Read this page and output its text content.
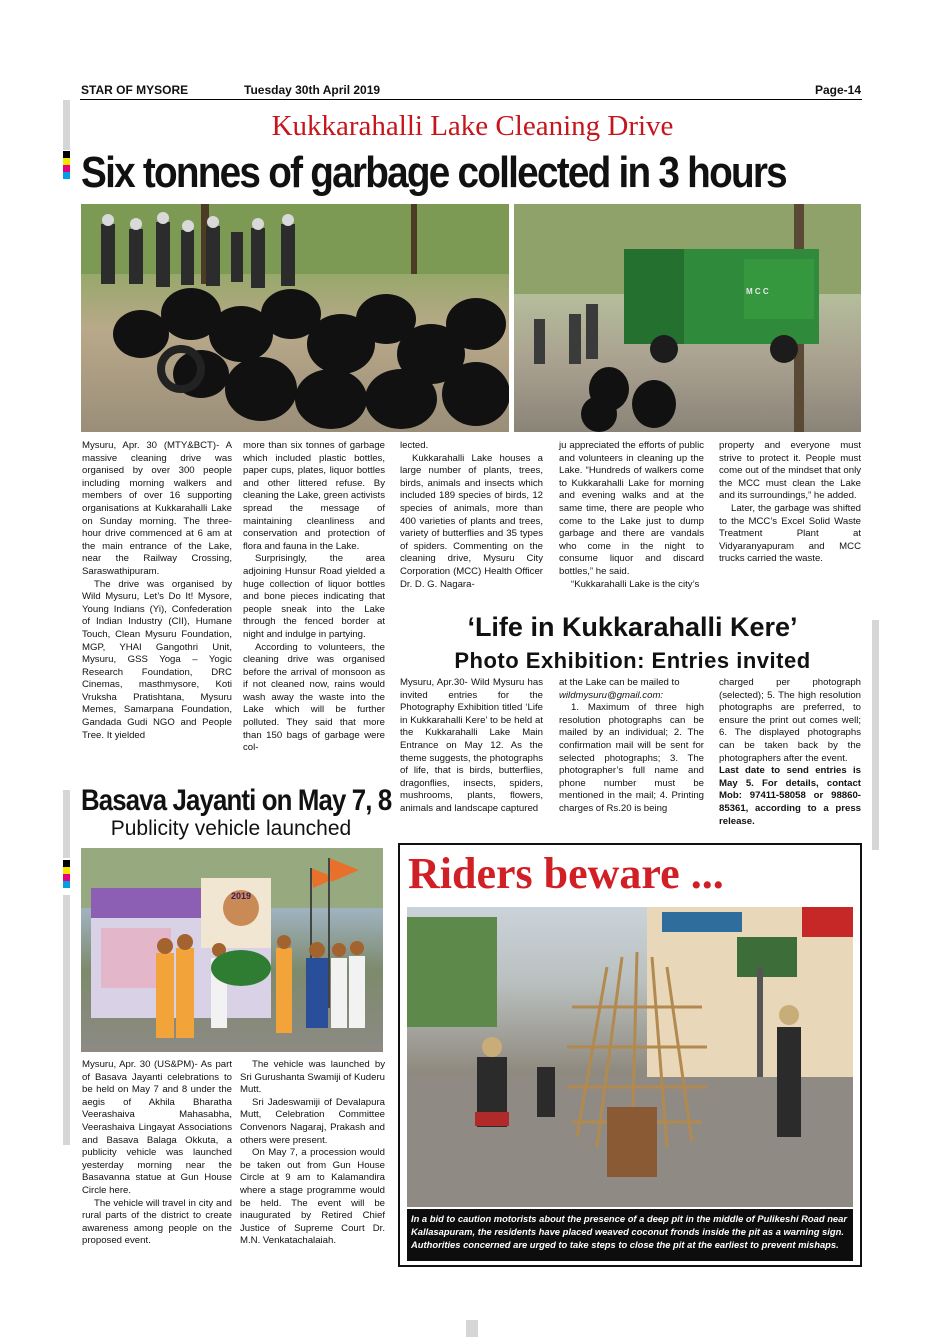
STAR OF MYSORE	Tuesday 30th April 2019	Page-14
Kukkarahalli Lake Cleaning Drive
Six tonnes of garbage collected in 3 hours
M C C

Mysuru, Apr. 30 (MTY&BCT)- A massive cleaning drive was organised by over 300 people including morning walkers and members of over 16 supporting organisations at Kukkarahalli Lake on Sunday morning. The three-hour drive commenced at 6 am at the main entrance of the Lake, near the Railway Crossing, Saraswathipuram.

The drive was organised by Wild Mysuru, Let’s Do It! Mysore, Young Indians (Yi), Confederation of Indian Industry (CII), Humane Touch, Clean Mysuru Foundation, MGP, YHAI Gangothri Unit, Mysuru, GSS Yoga – Yogic Research Foundation, DRC Cinemas, masthmysore, Koti Vruksha Pratishtana, Mysuru Memes, Samarpana Foundation, Gandada Gudi NGO and People Tree. It yielded

more than six tonnes of garbage which included plastic bottles, paper cups, plates, liquor bottles and other littered refuse. By cleaning the Lake, green activists spread the message of maintaining cleanliness and conservation and protection of flora and fauna in the Lake.

Surprisingly, the area adjoining Hunsur Road yielded a huge collection of liquor bottles and bone pieces indicating that people sneak into the Lake through the fenced border at night and indulge in partying.

According to volunteers, the cleaning drive was organised before the arrival of monsoon as if not cleaned now, rains would wash away the waste into the Lake which will be further polluted. They said that more than 150 bags of garbage were col-

lected.

Kukkarahalli Lake houses a large number of plants, trees, birds, animals and insects which included 189 species of birds, 12 species of animals, more than 400 varieties of plants and trees, variety of butterflies and 35 types of spiders. Commenting on the cleaning drive, Mysuru City Corporation (MCC) Health Officer Dr. D. G. Nagara-

ju appreciated the efforts of public and volunteers in cleaning up the Lake. “Hundreds of walkers come to Kukkarahalli Lake for morning and evening walks and at the same time, there are people who come to the Lake just to dump garbage and there are vandals who come in the night to consume liquor and discard bottles,” he said.

“Kukkarahalli Lake is the city’s

property and everyone must strive to protect it. People must come out of the mindset that only the MCC must clean the Lake and its surroundings,” he added.

Later, the garbage was shifted to the MCC’s Excel Solid Waste Treatment Plant at Vidyaranyapuram and MCC trucks carried the waste.

‘Life in Kukkarahalli Kere’
Photo Exhibition: Entries invited

Mysuru, Apr.30- Wild Mysuru has invited entries for the Photography Exhibition titled ‘Life in Kukkarahalli Kere’ to be held at the Kukkarahalli Lake Main Entrance on May 12. As the theme suggests, the photographs of life, that is birds, butterflies, dragonflies, insects, spiders, mushrooms, plants, flowers, animals and landscape captured

at the Lake can be mailed to

wildmysuru@gmail.com:

1. Maximum of three high resolution photographs can be mailed by an individual; 2. The confirmation mail will be sent for selected photographs; 3. The photographer’s full name and phone number must be mentioned in the mail; 4. Printing charges of Rs.20 is being

charged per photograph (selected); 5. The high resolution photographs are preferred, to ensure the print out comes well; 6. The displayed photographs can be taken back by the photographers after the event.

Last date to send entries is May 5. For details, contact Mob: 97411-58058 or 98860-85361, according to a press release.

Basava Jayanti on May 7, 8
Publicity vehicle launched
2019

Mysuru, Apr. 30 (US&PM)- As part of Basava Jayanti celebrations to be held on May 7 and 8 under the aegis of Akhila Bharatha Veerashaiva Mahasabha, Veerashaiva Lingayat Associations and Basava Balaga Okkuta, a publicity vehicle was launched yesterday morning near the Basavanna statue at Gun House Circle here.

The vehicle will travel in city and rural parts of the district to create awareness among people on the proposed event.

The vehicle was launched by Sri Gurushanta Swamiji of Kuderu Mutt.

Sri Jadeswamiji of Devalapura Mutt, Celebration Committee Convenors Nagaraj, Prakash and others were present.

On May 7, a procession would be taken out from Gun House Circle at 9 am to Kalamandira where a stage programme would be held. The event will be inaugurated by Retired Chief Justice of Supreme Court Dr. M.N. Venkatachalaiah.

Riders beware ...
In a bid to caution motorists about the presence of a deep pit in the middle of Pulikeshi Road near Kallasapuram, the residents have placed weaved coconut fronds inside the pit as a warning sign. Authorities concerned are urged to take steps to close the pit at the earliest to prevent mishaps.
